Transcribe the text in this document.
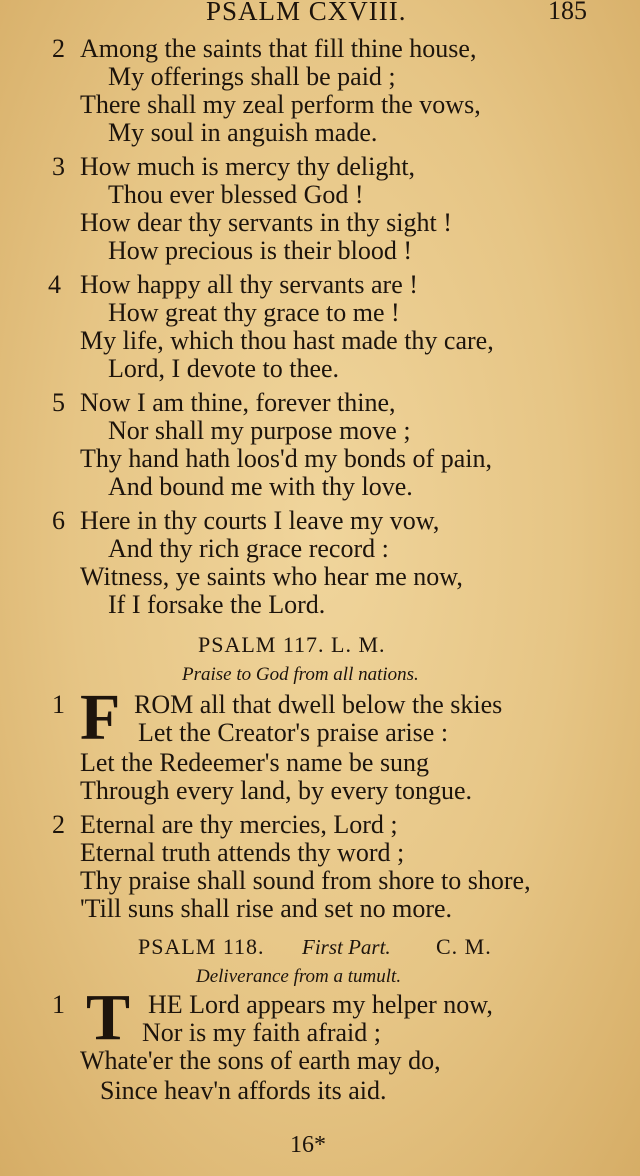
PSALM CXVIII.	185
2 Among the saints that fill thine house,
My offerings shall be paid ;
There shall my zeal perform the vows,
My soul in anguish made.
3 How much is mercy thy delight,
Thou ever blessed God !
How dear thy servants in thy sight !
How precious is their blood !
4 How happy all thy servants are !
How great thy grace to me !
My life, which thou hast made thy care,
Lord, I devote to thee.
5 Now I am thine, forever thine,
Nor shall my purpose move ;
Thy hand hath loos'd my bonds of pain,
And bound me with thy love.
6 Here in thy courts I leave my vow,
And thy rich grace record :
Witness, ye saints who hear me now,
If I forsake the Lord.
PSALM 117. L. M.
Praise to God from all nations.
1 F ROM all that dwell below the skies
Let the Creator's praise arise :
Let the Redeemer's name be sung
Through every land, by every tongue.
2 Eternal are thy mercies, Lord ;
Eternal truth attends thy word ;
Thy praise shall sound from shore to shore,
'Till suns shall rise and set no more.
PSALM 118. First Part. C. M.
Deliverance from a tumult.
1 T HE Lord appears my helper now,
Nor is my faith afraid ;
Whate'er the sons of earth may do,
Since heav'n affords its aid.
16*
